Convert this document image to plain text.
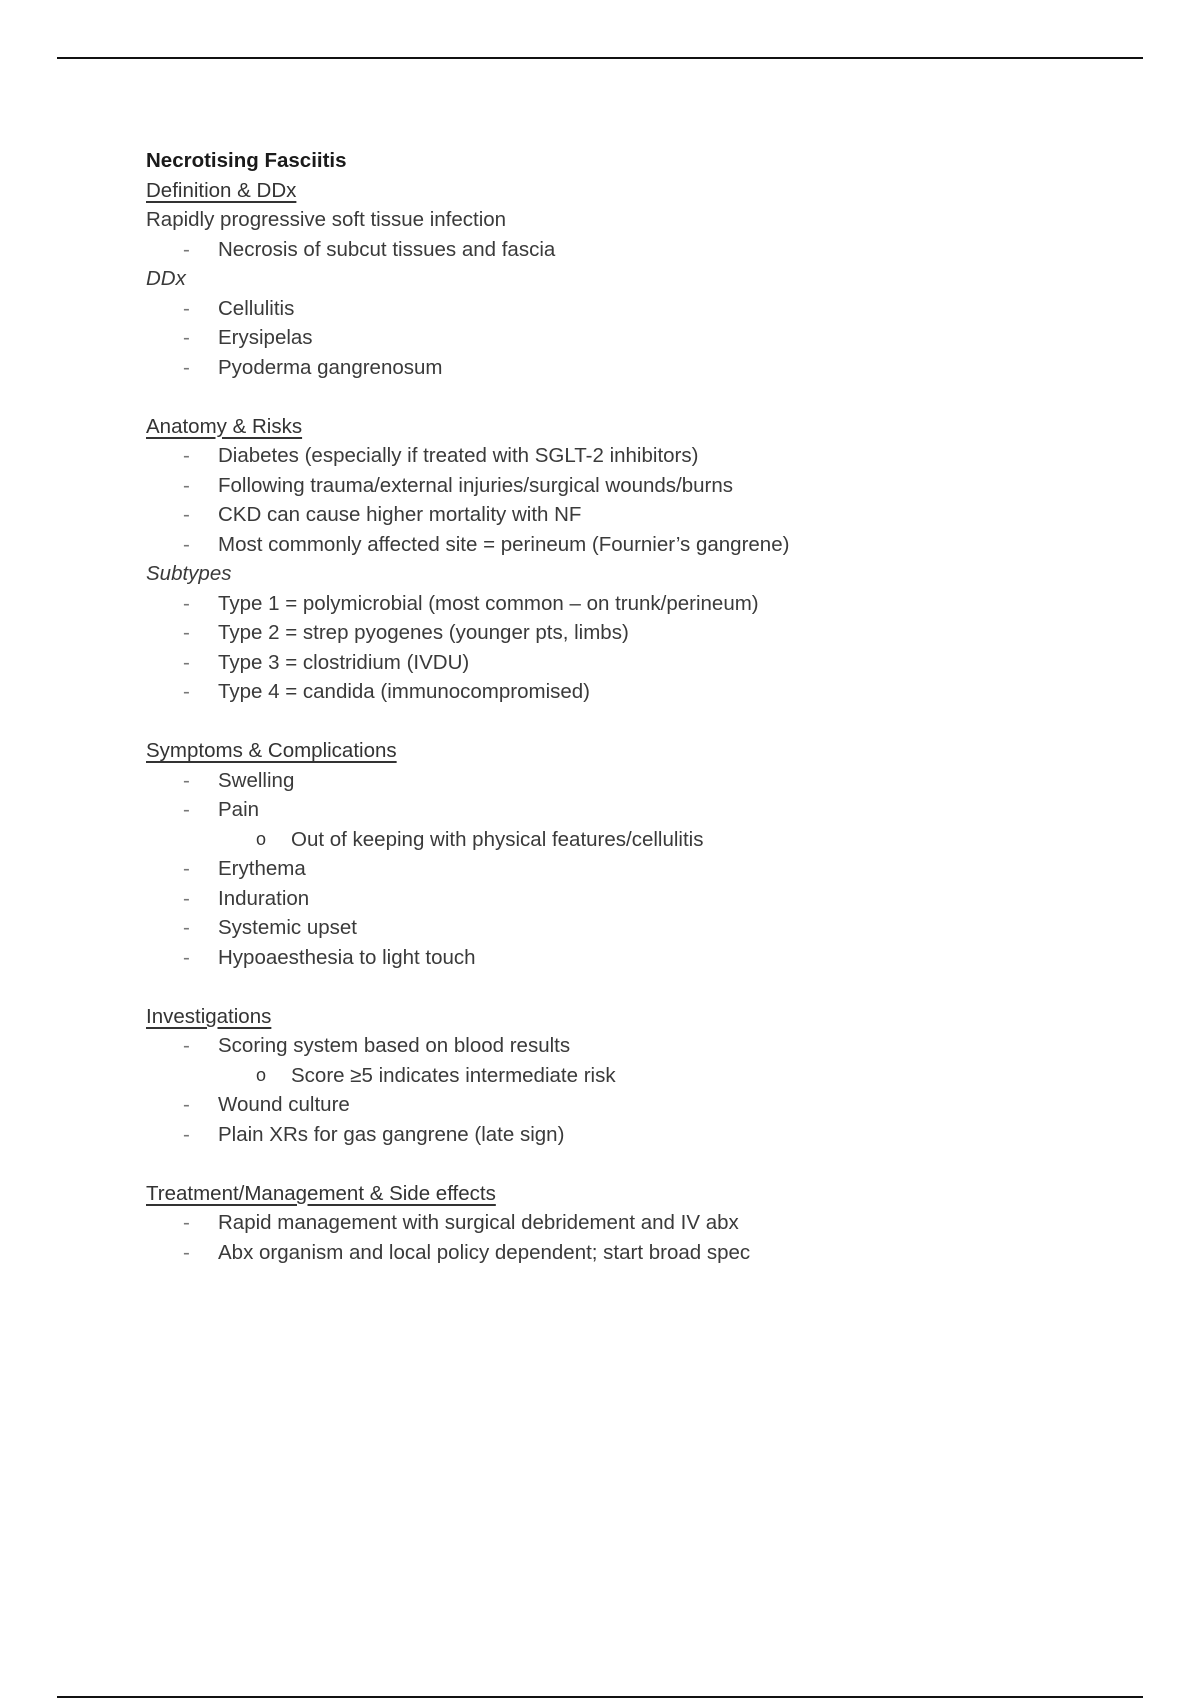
Necrotising Fasciitis
Definition & DDx
Rapidly progressive soft tissue infection
- Necrosis of subcut tissues and fascia
DDx
- Cellulitis
- Erysipelas
- Pyoderma gangrenosum
Anatomy & Risks
- Diabetes (especially if treated with SGLT-2 inhibitors)
- Following trauma/external injuries/surgical wounds/burns
- CKD can cause higher mortality with NF
- Most commonly affected site = perineum (Fournier’s gangrene)
Subtypes
- Type 1 = polymicrobial (most common – on trunk/perineum)
- Type 2 = strep pyogenes (younger pts, limbs)
- Type 3 = clostridium (IVDU)
- Type 4 = candida (immunocompromised)
Symptoms & Complications
- Swelling
- Pain
o Out of keeping with physical features/cellulitis
- Erythema
- Induration
- Systemic upset
- Hypoaesthesia to light touch
Investigations
- Scoring system based on blood results
o Score ≥5 indicates intermediate risk
- Wound culture
- Plain XRs for gas gangrene (late sign)
Treatment/Management & Side effects
- Rapid management with surgical debridement and IV abx
- Abx organism and local policy dependent; start broad spec
